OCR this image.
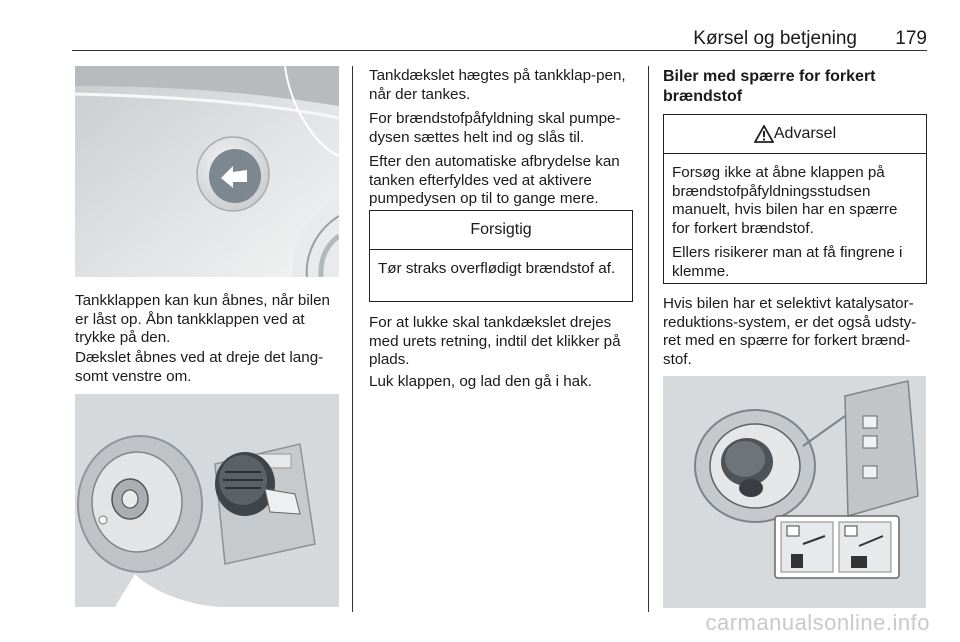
Kørsel og betjening 179

Tankklappen kan kun åbnes, når bilen er låst op. Åbn tankklappen ved at trykke på den.

Dækslet åbnes ved at dreje det lang-somt venstre om.

Tankdækslet hægtes på tankklap-pen, når der tankes.

For brændstofpåfyldning skal pumpe-dysen sættes helt ind og slås til.

Efter den automatiske afbrydelse kan tanken efterfyldes ved at aktivere pumpedysen op til to gange mere.

Forsigtig

Tør straks overflødigt brændstof af.

For at lukke skal tankdækslet drejes med urets retning, indtil det klikker på plads.

Luk klappen, og lad den gå i hak.

Biler med spærre for forkert brændstof

Advarsel

Forsøg ikke at åbne klappen på brændstofpåfyldningsstudsen manuelt, hvis bilen har en spærre for forkert brændstof.

Ellers risikerer man at få fingrene i klemme.

Hvis bilen har et selektivt katalysator-reduktions-system, er det også udsty-ret med en spærre for forkert brænd-stof.

carmanualsonline.info
